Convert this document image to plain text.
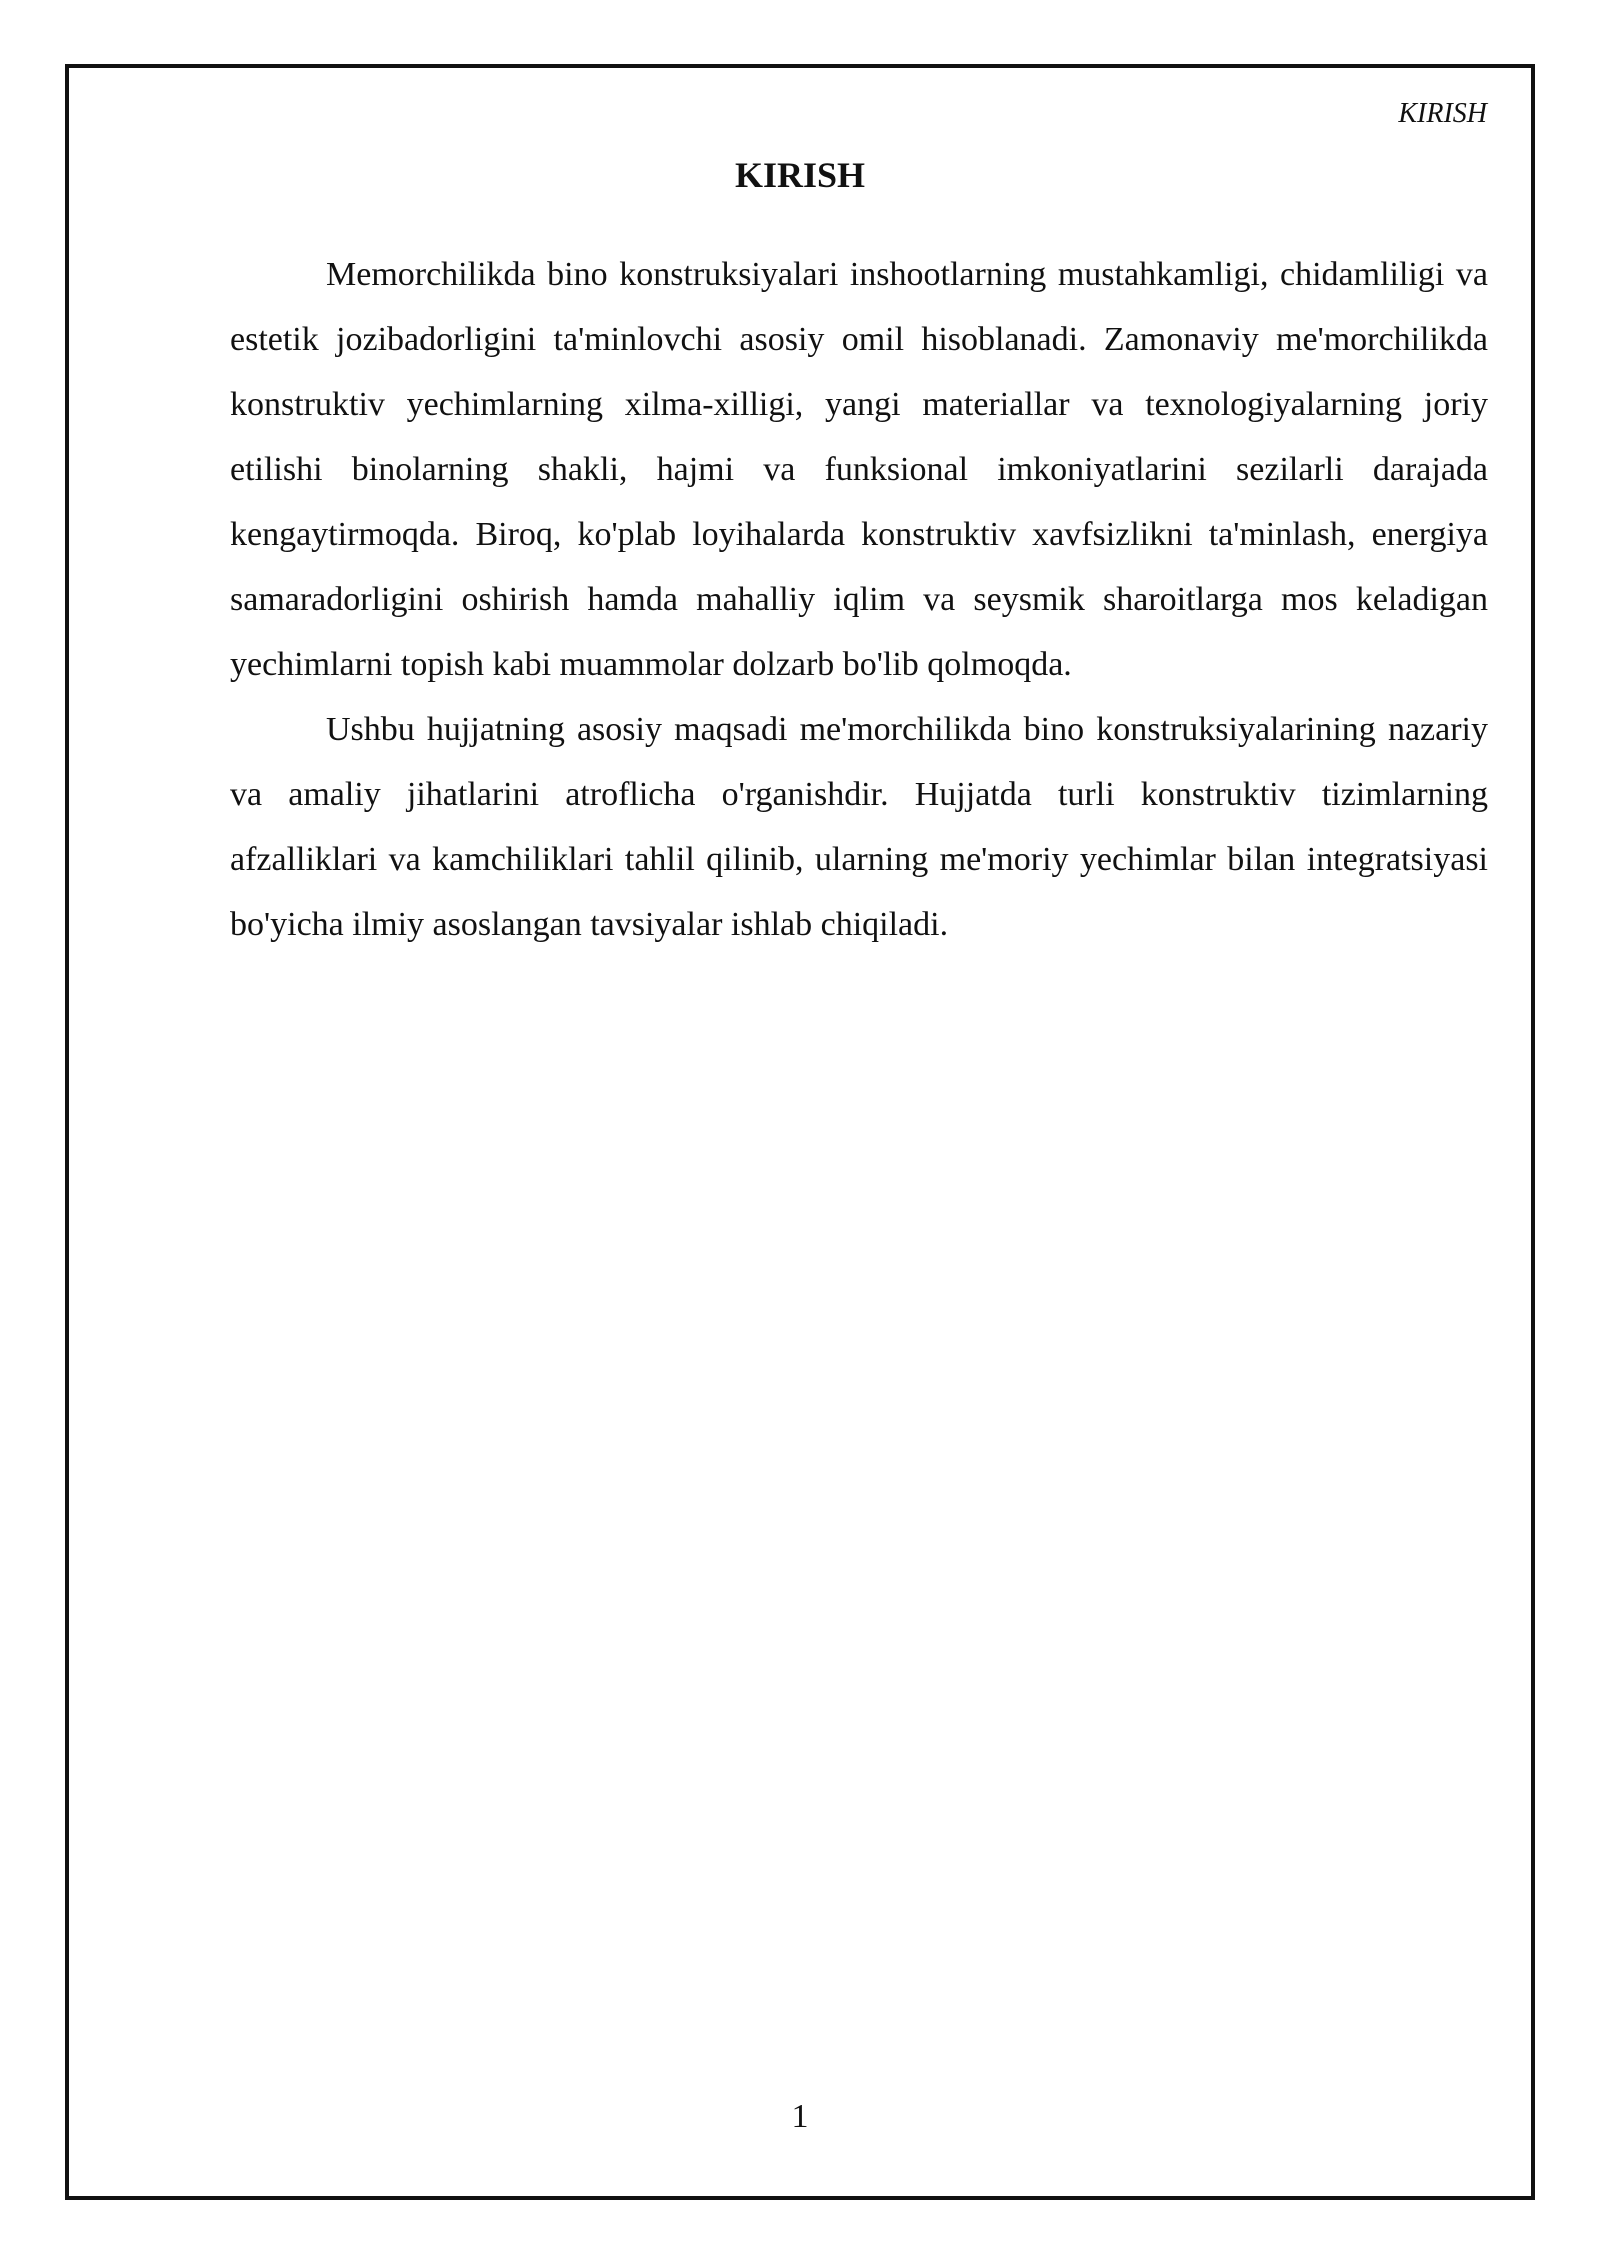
KIRISH
KIRISH

Memorchilikda bino konstruksiyalari inshootlarning mustahkamligi, chidamliligi va estetik jozibadorligini ta'minlovchi asosiy omil hisoblanadi. Zamonaviy me'morchilikda konstruktiv yechimlarning xilma-xilligi, yangi materiallar va texnologiyalarning joriy etilishi binolarning shakli, hajmi va funksional imkoniyatlarini sezilarli darajada kengaytirmoqda. Biroq, ko'plab loyihalarda konstruktiv xavfsizlikni ta'minlash, energiya samaradorligini oshirish hamda mahalliy iqlim va seysmik sharoitlarga mos keladigan yechimlarni topish kabi muammolar dolzarb bo'lib qolmoqda.

Ushbu hujjatning asosiy maqsadi me'morchilikda bino konstruksiyalarining nazariy va amaliy jihatlarini atroflicha o'rganishdir. Hujjatda turli konstruktiv tizimlarning afzalliklari va kamchiliklari tahlil qilinib, ularning me'moriy yechimlar bilan integratsiyasi bo'yicha ilmiy asoslangan tavsiyalar ishlab chiqiladi.

1
